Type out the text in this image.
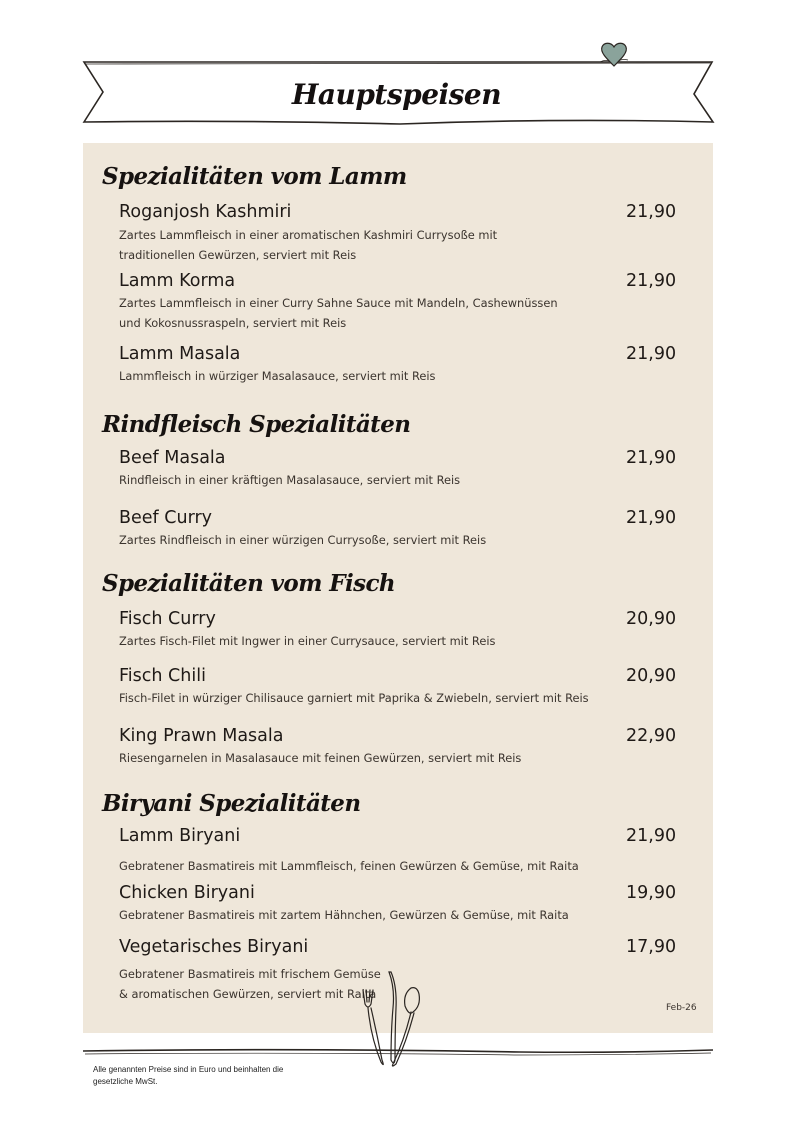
Hauptspeisen
Spezialitäten vom Lamm
Roganjosh Kashmiri	21,90
Zartes Lammfleisch in einer aromatischen Kashmiri Currysoße mit traditionellen Gewürzen, serviert mit Reis
Lamm Korma	21,90
Zartes Lammfleisch in einer Curry Sahne Sauce mit Mandeln, Cashewnüssen und Kokosnussraspeln, serviert mit Reis
Lamm Masala	21,90
Lammfleisch in würziger Masalasauce, serviert mit Reis
Rindfleisch Spezialitäten
Beef Masala	21,90
Rindfleisch in einer kräftigen Masalasauce, serviert mit Reis
Beef Curry	21,90
Zartes Rindfleisch in einer würzigen Currysoße, serviert mit Reis
Spezialitäten vom Fisch
Fisch Curry	20,90
Zartes Fisch-Filet mit Ingwer in einer Currysauce, serviert mit Reis
Fisch Chili	20,90
Fisch-Filet in würziger Chilisauce garniert mit Paprika & Zwiebeln, serviert mit Reis
King Prawn Masala	22,90
Riesengarnelen in Masalasauce mit feinen Gewürzen, serviert mit Reis
Biryani Spezialitäten
Lamm Biryani	21,90
Gebratener Basmatireis mit Lammfleisch, feinen Gewürzen & Gemüse, mit Raita
Chicken Biryani	19,90
Gebratener Basmatireis mit zartem Hähnchen, Gewürzen & Gemüse, mit Raita
Vegetarisches Biryani	17,90
Gebratener Basmatireis mit frischem Gemüse & aromatischen Gewürzen, serviert mit Raita
Feb-26
Alle genannten Preise sind in Euro und beinhalten die gesetzliche MwSt.
